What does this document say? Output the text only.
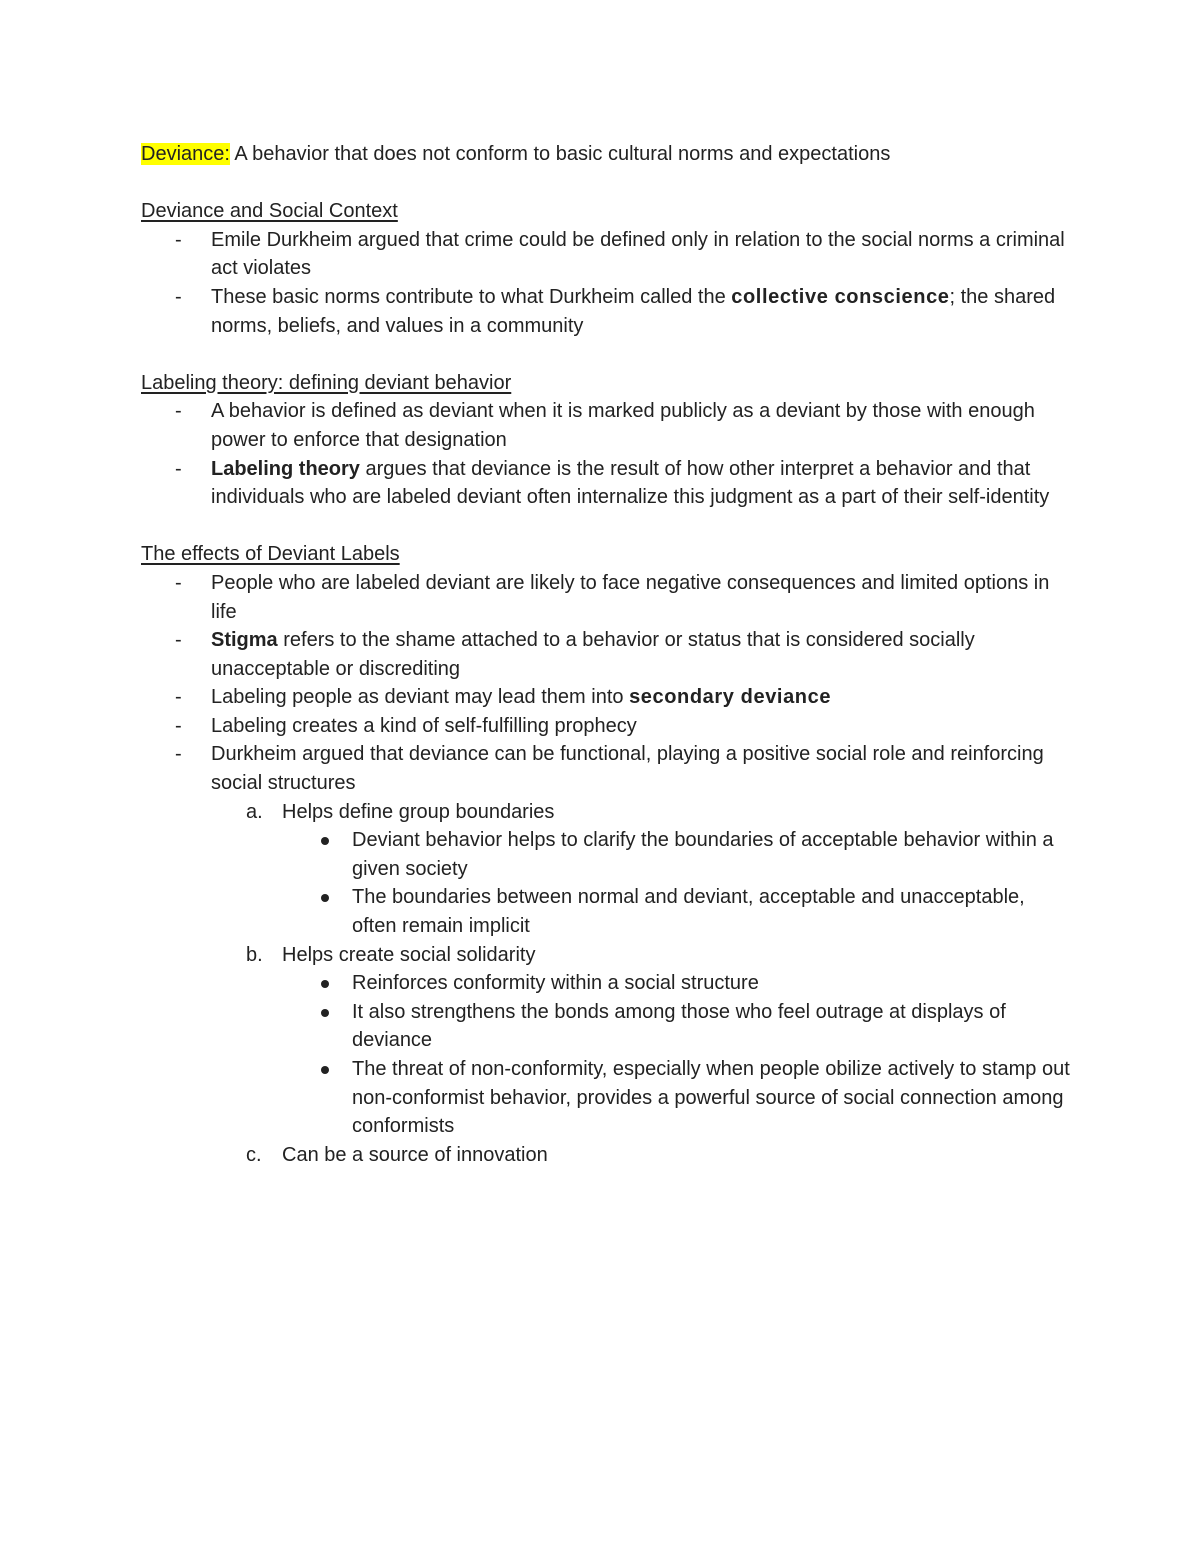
Deviance: A behavior that does not conform to basic cultural norms and expectations

Deviance and Social Context

- Emile Durkheim argued that crime could be defined only in relation to the social norms a criminal act violates

- These basic norms contribute to what Durkheim called the collective conscience; the shared norms, beliefs, and values in a community

Labeling theory: defining deviant behavior

- A behavior is defined as deviant when it is marked publicly as a deviant by those with enough power to enforce that designation

- Labeling theory argues that deviance is the result of how other interpret a behavior and that individuals who are labeled deviant often internalize this judgment as a part of their self-identity

The effects of Deviant Labels

- People who are labeled deviant are likely to face negative consequences and limited options in life

- Stigma refers to the shame attached to a behavior or status that is considered socially unacceptable or discrediting

- Labeling people as deviant may lead them into secondary deviance

- Labeling creates a kind of self-fulfilling prophecy

- Durkheim argued that deviance can be functional, playing a positive social role and reinforcing social structures

a. Helps define group boundaries

Deviant behavior helps to clarify the boundaries of acceptable behavior within a given society

The boundaries between normal and deviant, acceptable and unacceptable, often remain implicit

b. Helps create social solidarity

Reinforces conformity within a social structure

It also strengthens the bonds among those who feel outrage at displays of deviance

The threat of non-conformity, especially when people obilize actively to stamp out non-conformist behavior, provides a powerful source of social connection among conformists

c. Can be a source of innovation
